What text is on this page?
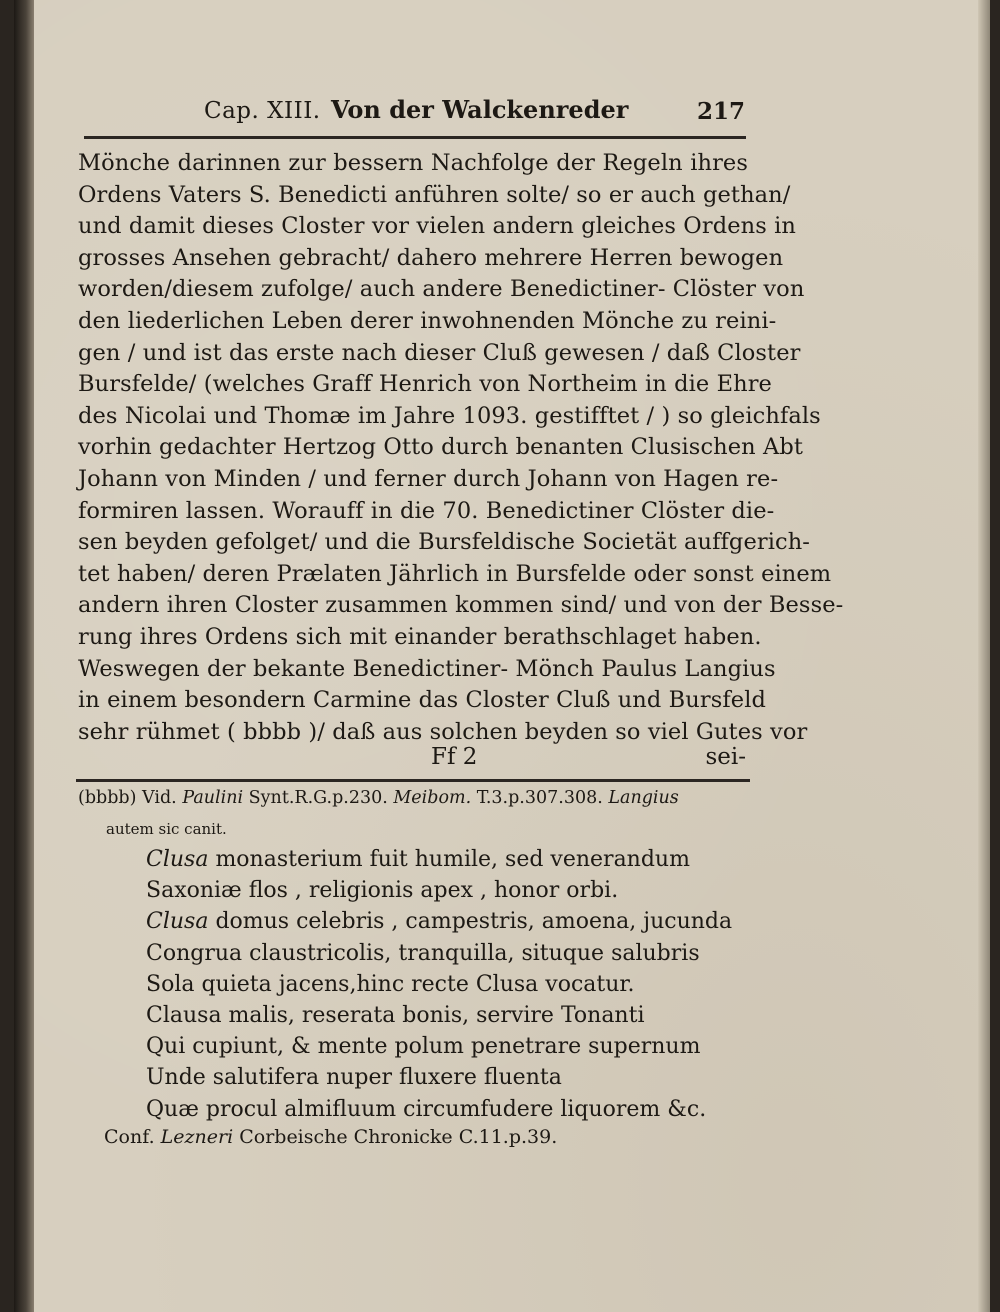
Cap. XIII. Von der Walckenreder	217
Mönche darinnen zur bessern Nachfolge der Regeln ihres
Ordens Vaters S. Benedicti anführen solte/ so er auch gethan/
und damit dieses Closter vor vielen andern gleiches Ordens in
grosses Ansehen gebracht/ dahero mehrere Herren bewogen
worden/diesem zufolge/ auch andere Benedictiner- Clöster von
den liederlichen Leben derer inwohnenden Mönche zu reini-
gen / und ist das erste nach dieser Cluß gewesen / daß Closter
Bursfelde/ (welches Graff Henrich von Northeim in die Ehre
des Nicolai und Thomæ im Jahre 1093. gestifftet / ) so gleichfals
vorhin gedachter Hertzog Otto durch benanten Clusischen Abt
Johann von Minden / und ferner durch Johann von Hagen re-
formiren lassen. Worauff in die 70. Benedictiner Clöster die-
sen beyden gefolget/ und die Bursfeldische Societät auffgerich-
tet haben/ deren Prælaten Jährlich in Bursfelde oder sonst einem
andern ihren Closter zusammen kommen sind/ und von der Besse-
rung ihres Ordens sich mit einander berathschlaget haben.
Weswegen der bekante Benedictiner- Mönch Paulus Langius
in einem besondern Carmine das Closter Cluß und Bursfeld
sehr rühmet ( bbbb )/ daß aus solchen beyden so viel Gutes vor
Ff 2	sei-
(bbbb) Vid. Paulini Synt.R.G.p.230. Meibom. T.3.p.307.308. Langius
autem sic canit.
Clusa monasterium fuit humile, sed venerandum
Saxoniæ flos , religionis apex , honor orbi.
Clusa domus celebris , campestris, amoena, jucunda
Congrua claustricolis, tranquilla, situque salubris
Sola quieta jacens,hinc recte Clusa vocatur.
Clausa malis, reserata bonis, servire Tonanti
Qui cupiunt, & mente polum penetrare supernum
Unde salutifera nuper fluxere fluenta
Quæ procul almifluum circumfudere liquorem &c.
Conf. Lezneri Corbeische Chronicke C.11.p.39.
